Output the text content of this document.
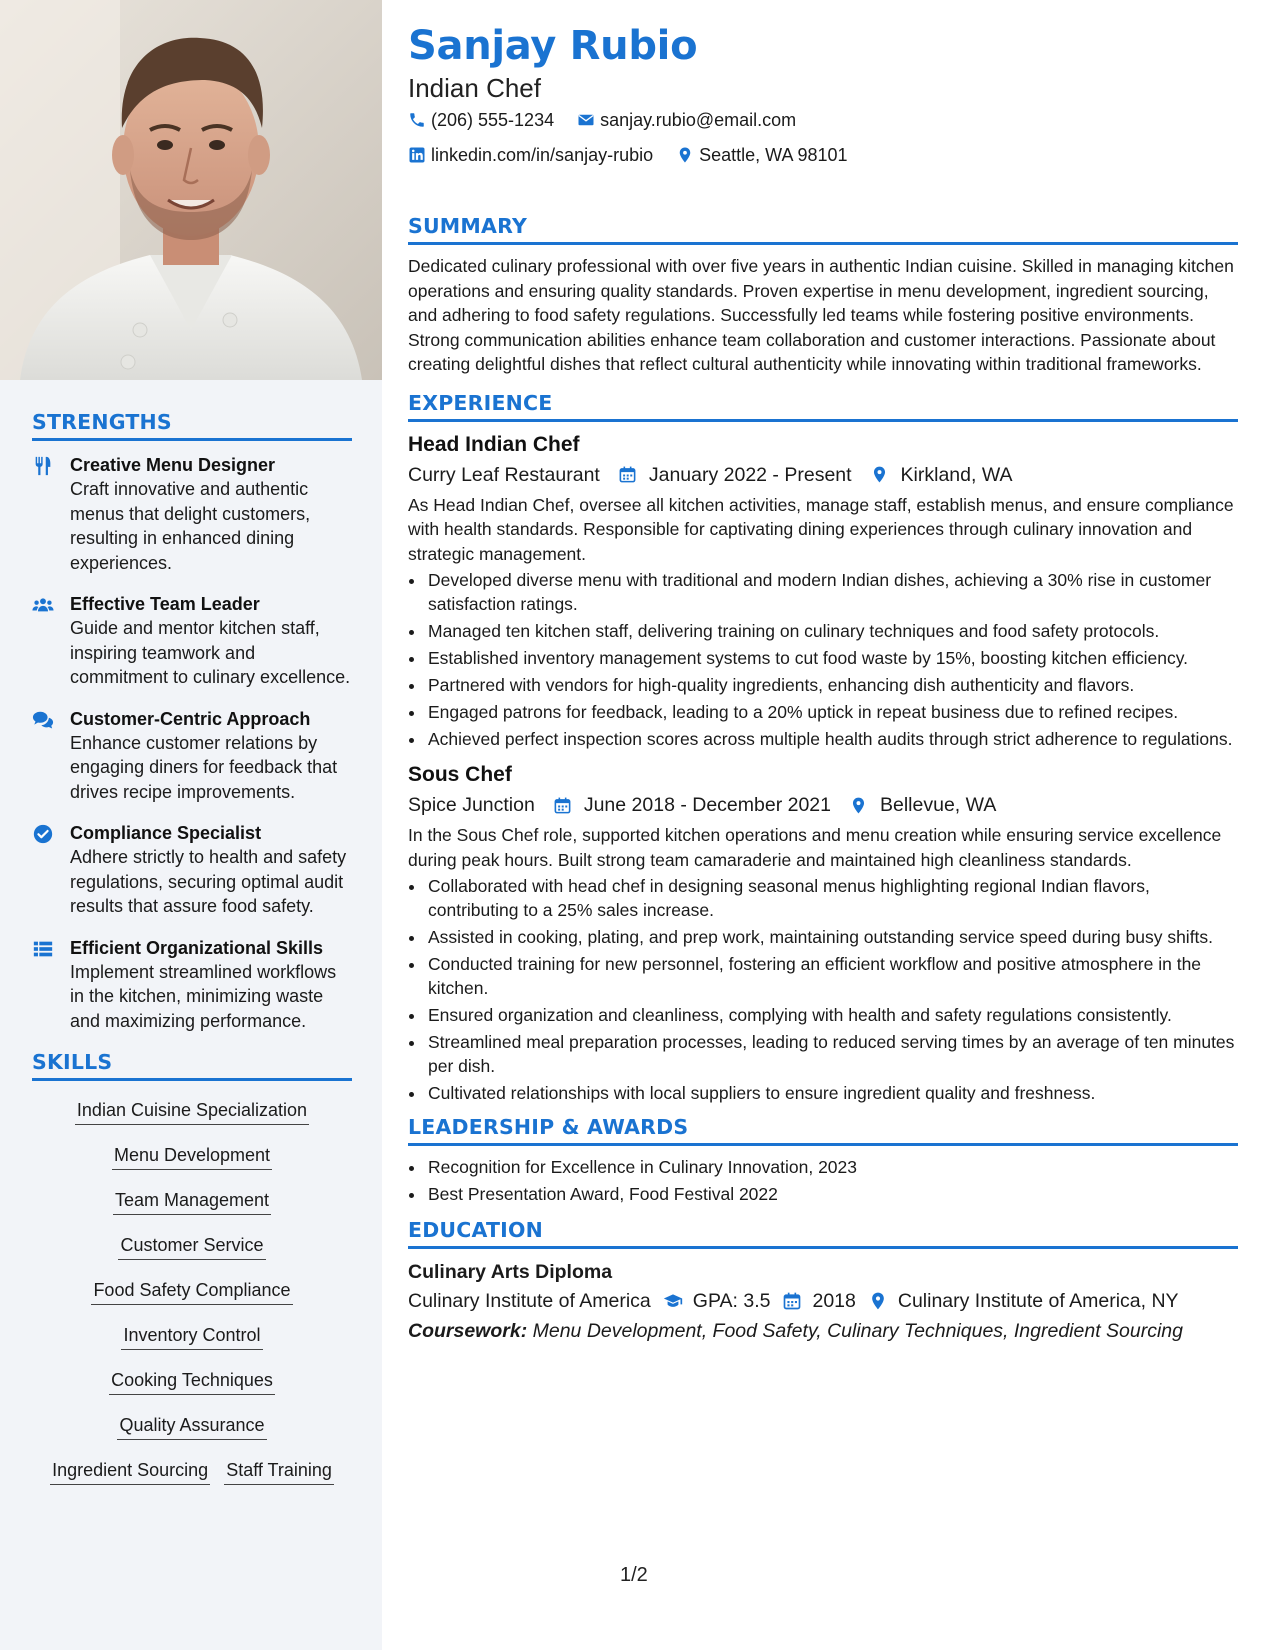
STRENGTHS
Creative Menu Designer
Craft innovative and authentic menus that delight customers, resulting in enhanced dining experiences.
Effective Team Leader
Guide and mentor kitchen staff, inspiring teamwork and commitment to culinary excellence.
Customer-Centric Approach
Enhance customer relations by engaging diners for feedback that drives recipe improvements.
Compliance Specialist
Adhere strictly to health and safety regulations, securing optimal audit results that assure food safety.
Efficient Organizational Skills
Implement streamlined workflows in the kitchen, minimizing waste and maximizing performance.
SKILLS
Indian Cuisine Specialization
Menu Development
Team Management
Customer Service
Food Safety Compliance
Inventory Control
Cooking Techniques
Quality Assurance
Ingredient Sourcing Staff Training
Sanjay Rubio
Indian Chef
(206) 555-1234
	sanjay.rubio@email.com

linkedin.com/in/sanjay-rubio
	Seattle, WA 98101
SUMMARY
Dedicated culinary professional with over five years in authentic Indian cuisine. Skilled in managing kitchen operations and ensuring quality standards. Proven expertise in menu development, ingredient sourcing, and adhering to food safety regulations. Successfully led teams while fostering positive environments. Strong communication abilities enhance team collaboration and customer interactions. Passionate about creating delightful dishes that reflect cultural authenticity while innovating within traditional frameworks.
EXPERIENCE
Head Indian Chef
Curry Leaf Restaurant	January 2022 - Present	Kirkland, WA
As Head Indian Chef, oversee all kitchen activities, manage staff, establish menus, and ensure compliance with health standards. Responsible for captivating dining experiences through culinary innovation and strategic management.
• Developed diverse menu with traditional and modern Indian dishes, achieving a 30% rise in customer satisfaction ratings.
• Managed ten kitchen staff, delivering training on culinary techniques and food safety protocols.
• Established inventory management systems to cut food waste by 15%, boosting kitchen efficiency.
• Partnered with vendors for high-quality ingredients, enhancing dish authenticity and flavors.
• Engaged patrons for feedback, leading to a 20% uptick in repeat business due to refined recipes.
• Achieved perfect inspection scores across multiple health audits through strict adherence to regulations.
Sous Chef
Spice Junction	June 2018 - December 2021	Bellevue, WA
In the Sous Chef role, supported kitchen operations and menu creation while ensuring service excellence during peak hours. Built strong team camaraderie and maintained high cleanliness standards.
• Collaborated with head chef in designing seasonal menus highlighting regional Indian flavors, contributing to a 25% sales increase.
• Assisted in cooking, plating, and prep work, maintaining outstanding service speed during busy shifts.
• Conducted training for new personnel, fostering an efficient workflow and positive atmosphere in the kitchen.
• Ensured organization and cleanliness, complying with health and safety regulations consistently.
• Streamlined meal preparation processes, leading to reduced serving times by an average of ten minutes per dish.
• Cultivated relationships with local suppliers to ensure ingredient quality and freshness.
LEADERSHIP & AWARDS
• Recognition for Excellence in Culinary Innovation, 2023
• Best Presentation Award, Food Festival 2022
EDUCATION
Culinary Arts Diploma
Culinary Institute of America GPA: 3.5 2018 Culinary Institute of America, NY
Coursework: Menu Development, Food Safety, Culinary Techniques, Ingredient Sourcing
1/2
